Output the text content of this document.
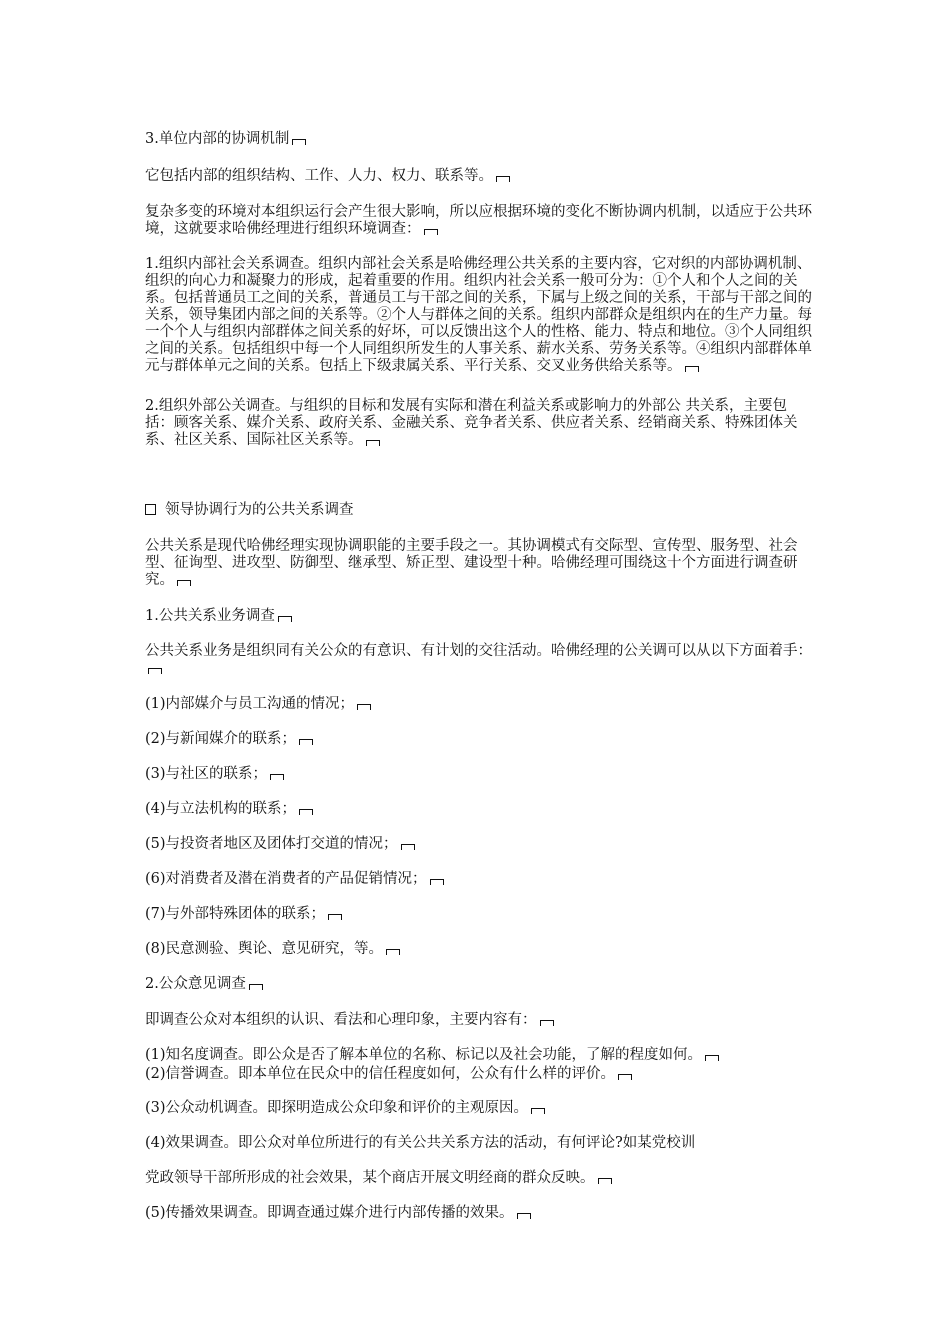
3.单位内部的协调机制

它包括内部的组织结构、工作、人力、权力、联系等。

复杂多变的环境对本组织运行会产生很大影响，所以应根据环境的变化不断协调内机制，以适应于公共环境，这就要求哈佛经理进行组织环境调查：

1.组织内部社会关系调查。组织内部社会关系是哈佛经理公共关系的主要内容，它对织的内部协调机制、组织的向心力和凝聚力的形成，起着重要的作用。组织内社会关系一般可分为：①个人和个人之间的关系。包括普通员工之间的关系，普通员工与干部之间的关系，下属与上级之间的关系，干部与干部之间的关系，领导集团内部之间的关系等。②个人与群体之间的关系。组织内部群众是组织内在的生产力量。每一个个人与组织内部群体之间关系的好坏，可以反馈出这个人的性格、能力、特点和地位。③个人同组织之间的关系。包括组织中每一个人同组织所发生的人事关系、薪水关系、劳务关系等。④组织内部群体单元与群体单元之间的关系。包括上下级隶属关系、平行关系、交叉业务供给关系等。

2.组织外部公关调查。与组织的目标和发展有实际和潜在利益关系或影响力的外部公 共关系，主要包括：顾客关系、媒介关系、政府关系、金融关系、竞争者关系、供应者关系、经销商关系、特殊团体关系、社区关系、国际社区关系等。

领导协调行为的公共关系调查

公共关系是现代哈佛经理实现协调职能的主要手段之一。其协调模式有交际型、宣传型、服务型、社会型、征询型、进攻型、防御型、继承型、矫正型、建设型十种。哈佛经理可围绕这十个方面进行调查研究。

1.公共关系业务调查

公共关系业务是组织同有关公众的有意识、有计划的交往活动。哈佛经理的公关调可以从以下方面着手：

(1)内部媒介与员工沟通的情况；

(2)与新闻媒介的联系；

(3)与社区的联系；

(4)与立法机构的联系；

(5)与投资者地区及团体打交道的情况；

(6)对消费者及潜在消费者的产品促销情况；

(7)与外部特殊团体的联系；

(8)民意测验、舆论、意见研究，等。

2.公众意见调查

即调查公众对本组织的认识、看法和心理印象，主要内容有：

(1)知名度调查。即公众是否了解本单位的名称、标记以及社会功能，了解的程度如何。

(2)信誉调查。即本单位在民众中的信任程度如何，公众有什么样的评价。

(3)公众动机调查。即探明造成公众印象和评价的主观原因。

(4)效果调查。即公众对单位所进行的有关公共关系方法的活动，有何评论?如某党校训

党政领导干部所形成的社会效果，某个商店开展文明经商的群众反映。

(5)传播效果调查。即调查通过媒介进行内部传播的效果。
